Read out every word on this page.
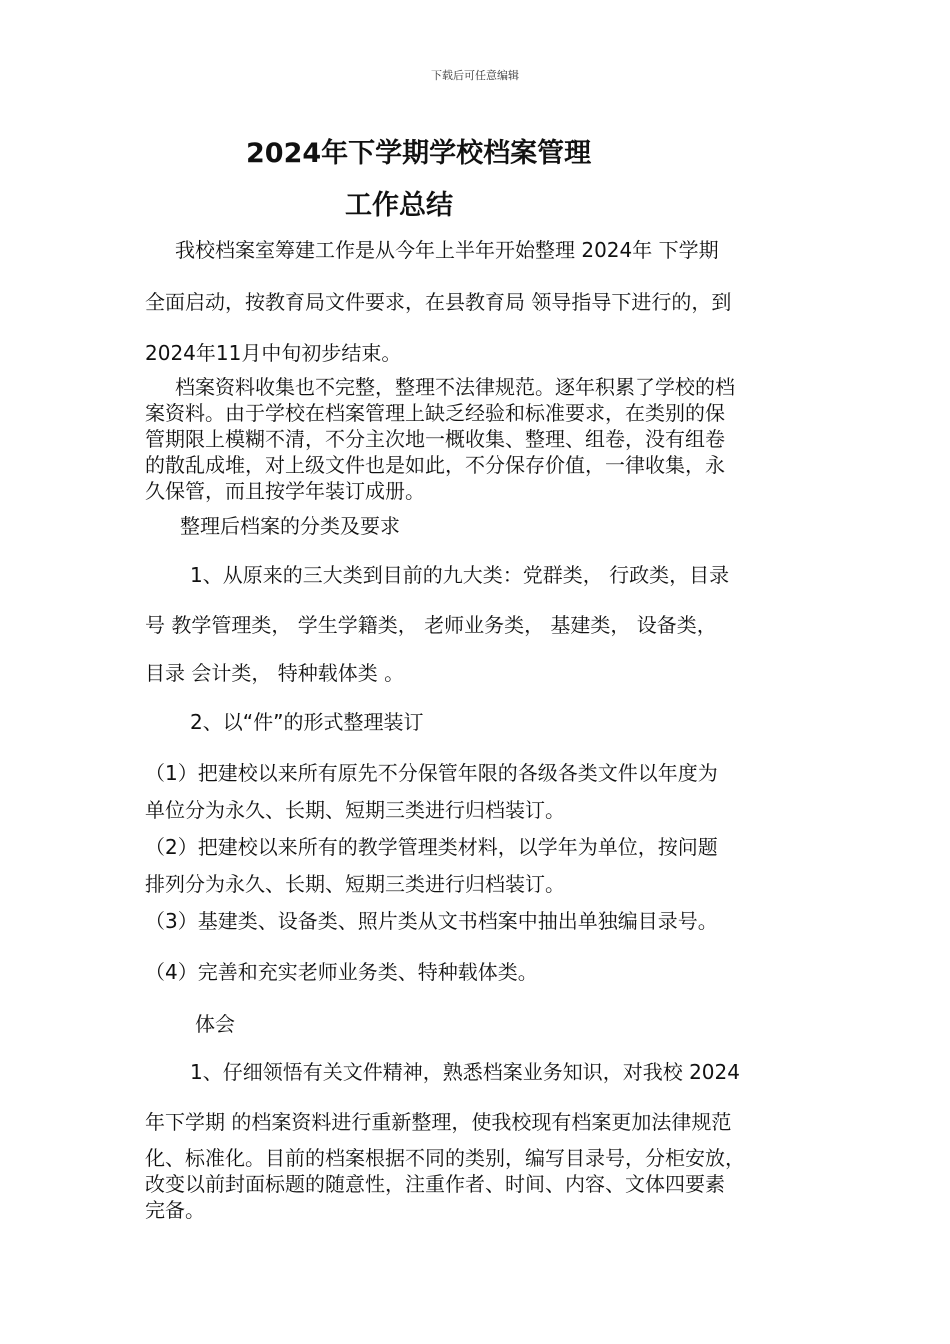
下载后可任意编辑
2024年下学期学校档案管理
工作总结
我校档案室筹建工作是从今年上半年开始整理 2024年 下学期
全面启动，按教育局文件要求，在县教育局 领导指导下进行的，到
2024年11月中旬初步结束。
档案资料收集也不完整，整理不法律规范。逐年积累了学校的档
案资料。由于学校在档案管理上缺乏经验和标准要求，在类别的保
管期限上模糊不清，不分主次地一概收集、整理、组卷，没有组卷
的散乱成堆，对上级文件也是如此，不分保存价值，一律收集，永
久保管，而且按学年装订成册。
整理后档案的分类及要求
1、从原来的三大类到目前的九大类：党群类， 行政类，目录
号 教学管理类， 学生学籍类， 老师业务类， 基建类， 设备类，
目录 会计类， 特种载体类 。
2、以“件”的形式整理装订
（1）把建校以来所有原先不分保管年限的各级各类文件以年度为
单位分为永久、长期、短期三类进行归档装订。
（2）把建校以来所有的教学管理类材料，以学年为单位，按问题
排列分为永久、长期、短期三类进行归档装订。
（3）基建类、设备类、照片类从文书档案中抽出单独编目录号。
（4）完善和充实老师业务类、特种载体类。
体会
1、仔细领悟有关文件精神，熟悉档案业务知识，对我校 2024
年下学期 的档案资料进行重新整理，使我校现有档案更加法律规范
化、标准化。目前的档案根据不同的类别，编写目录号，分柜安放，
改变以前封面标题的随意性，注重作者、时间、内容、文体四要素
完备。
